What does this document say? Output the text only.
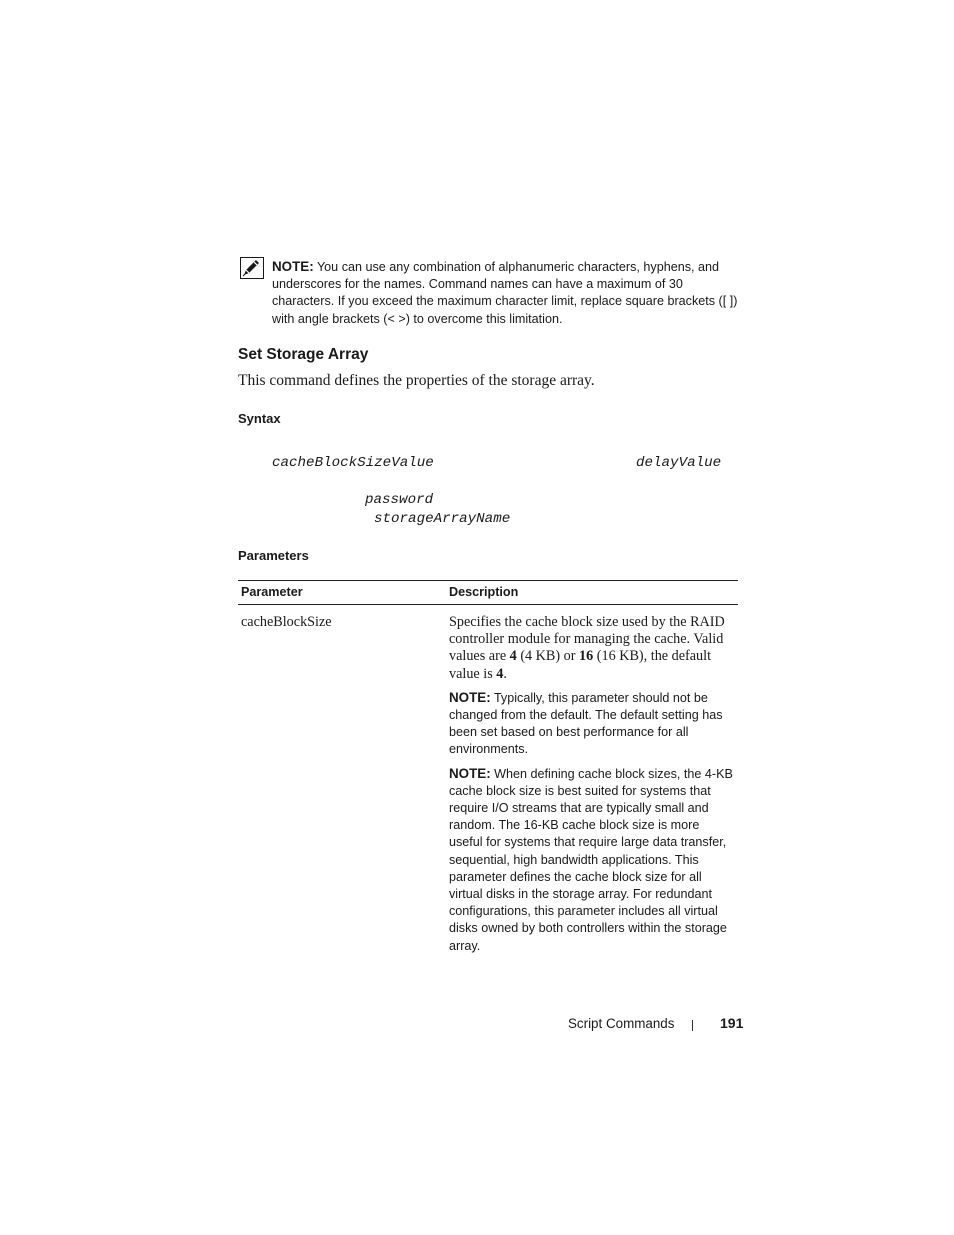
NOTE: You can use any combination of alphanumeric characters, hyphens, and underscores for the names. Command names can have a maximum of 30 characters. If you exceed the maximum character limit, replace square brackets ([ ]) with angle brackets (< >) to overcome this limitation.
Set Storage Array

This command defines the properties of the storage array.

Syntax
cacheBlockSizeValue	delayValue
password
storageArrayName
Parameters
Parameter	Description
cacheBlockSize	Specifies the cache block size used by the RAID controller module for managing the cache. Valid values are 4 (4 KB) or 16 (16 KB), the default value is 4.

NOTE: Typically, this parameter should not be changed from the default. The default setting has been set based on best performance for all environments.

NOTE: When defining cache block sizes, the 4-KB cache block size is best suited for systems that require I/O streams that are typically small and random. The 16-KB cache block size is more useful for systems that require large data transfer, sequential, high bandwidth applications. This parameter defines the cache block size for all virtual disks in the storage array. For redundant configurations, this parameter includes all virtual disks owned by both controllers within the storage array.

Script Commands	191
